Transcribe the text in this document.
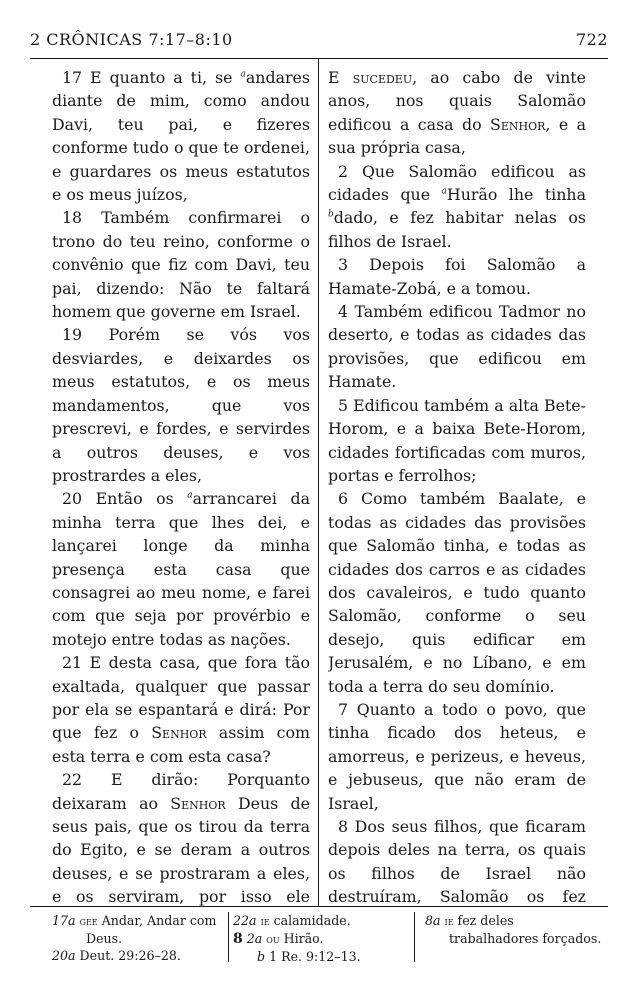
2 CRÔNICAS 7:17–8:10	722

17 E quanto a ti, se $^a$andares diante de mim, como andou Davi, teu pai, e fizeres conforme tudo o que te ordenei, e guardares os meus estatutos e os meus juízos,

18 Também confirmarei o trono do teu reino, conforme o convênio que fiz com Davi, teu pai, dizendo: Não te faltará homem que governe em Israel.

19 Porém se vós vos desviardes, e deixardes os meus estatutos, e os meus mandamentos, que vos prescrevi, e fordes, e servirdes a outros deuses, e vos prostrardes a eles,

20 Então os $^a$arrancarei da minha terra que lhes dei, e lançarei longe da minha presença esta casa que consagrei ao meu nome, e farei com que seja por provérbio e motejo entre todas as nações.

21 E desta casa, que fora tão exaltada, qualquer que passar por ela se espantará e dirá: Por que fez o Senhor assim com esta terra e com esta casa?

22 E dirão: Porquanto deixaram ao Senhor Deus de seus pais, que os tirou da terra do Egito, e se deram a outros deuses, e se prostraram a eles, e os serviram, por isso ele

E sucedeu, ao cabo de vinte anos, nos quais Salomão edificou a casa do Senhor, e a sua própria casa,

2 Que Salomão edificou as cidades que $^a$Hurão lhe tinha $^b$dado, e fez habitar nelas os filhos de Israel.

3 Depois foi Salomão a Hamate-Zobá, e a tomou.

4 Também edificou Tadmor no deserto, e todas as cidades das provisões, que edificou em Hamate.

5 Edificou também a alta Bete-Horom, e a baixa Bete-Horom, cidades fortificadas com muros, portas e ferrolhos;

6 Como também Baalate, e todas as cidades das provisões que Salomão tinha, e todas as cidades dos carros e as cidades dos cavaleiros, e tudo quanto Salomão, conforme o seu desejo, quis edificar em Jerusalém, e no Líbano, e em toda a terra do seu domínio.

7 Quanto a todo o povo, que tinha ficado dos heteus, e amorreus, e perizeus, e heveus, e jebuseus, que não eram de Israel,

8 Dos seus filhos, que ficaram depois deles na terra, os quais os filhos de Israel não destruíram, Salomão os fez

17a gee Andar, Andar com

Deus.

20a Deut. 29:26–28.

22a ie calamidade.

8 2a ou Hirão.

b 1 Re. 9:12–13.

8a ie fez deles

trabalhadores forçados.
